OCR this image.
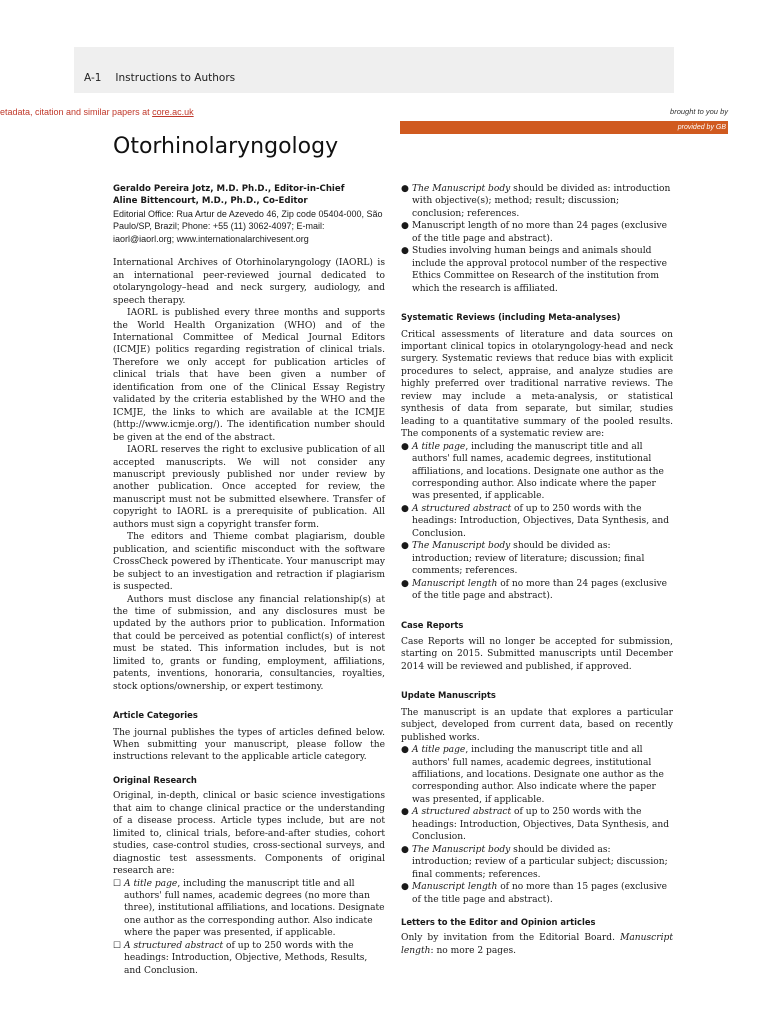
A-1 Instructions to Authors
etadata, citation and similar papers at core.ac.uk	brought to you by
provided by GB
Otorhinolaryngology
Geraldo Pereira Jotz, M.D. Ph.D., Editor-in-Chief
Aline Bittencourt, M.D., Ph.D., Co-Editor

Editorial Office: Rua Artur de Azevedo 46, Zip code 05404-000, São Paulo/SP, Brazil; Phone: +55 (11) 3062-4097; E-mail: iaorl@iaorl.org; www.internationalarchivesent.org

International Archives of Otorhinolaryngology (IAORL) is an international peer-reviewed journal dedicated to otolaryngology–head and neck surgery, audiology, and speech therapy.

IAORL is published every three months and supports the World Health Organization (WHO) and of the International Committee of Medical Journal Editors (ICMJE) politics regarding registration of clinical trials. Therefore we only accept for publication articles of clinical trials that have been given a number of identification from one of the Clinical Essay Registry validated by the criteria established by the WHO and the ICMJE, the links to which are available at the ICMJE (http://www.icmje.org/). The identification number should be given at the end of the abstract.

IAORL reserves the right to exclusive publication of all accepted manuscripts. We will not consider any manuscript previously published nor under review by another publication. Once accepted for review, the manuscript must not be submitted elsewhere. Transfer of copyright to IAORL is a prerequisite of publication. All authors must sign a copyright transfer form.

The editors and Thieme combat plagiarism, double publication, and scientific misconduct with the software CrossCheck powered by iThenticate. Your manuscript may be subject to an investigation and retraction if plagiarism is suspected.

Authors must disclose any financial relationship(s) at the time of submission, and any disclosures must be updated by the authors prior to publication. Information that could be perceived as potential conflict(s) of interest must be stated. This information includes, but is not limited to, grants or funding, employment, affiliations, patents, inventions, honoraria, consultancies, royalties, stock options/ownership, or expert testimony.

Article Categories

The journal publishes the types of articles defined below. When submitting your manuscript, please follow the instructions relevant to the applicable article category.

Original Research

Original, in-depth, clinical or basic science investigations that aim to change clinical practice or the understanding of a disease process. Article types include, but are not limited to, clinical trials, before-and-after studies, cohort studies, case-control studies, cross-sectional surveys, and diagnostic test assessments. Components of original research are:

☐ A title page, including the manuscript title and all authors' full names, academic degrees (no more than three), institutional affiliations, and locations. Designate one author as the corresponding author. Also indicate where the paper was presented, if applicable.
☐ A structured abstract of up to 250 words with the headings: Introduction, Objective, Methods, Results, and Conclusion.
● The Manuscript body should be divided as: introduction with objective(s); method; result; discussion; conclusion; references.
● Manuscript length of no more than 24 pages (exclusive of the title page and abstract).
● Studies involving human beings and animals should include the approval protocol number of the respective Ethics Committee on Research of the institution from which the research is affiliated.
Systematic Reviews (including Meta-analyses)

Critical assessments of literature and data sources on important clinical topics in otolaryngology-head and neck surgery. Systematic reviews that reduce bias with explicit procedures to select, appraise, and analyze studies are highly preferred over traditional narrative reviews. The review may include a meta-analysis, or statistical synthesis of data from separate, but similar, studies leading to a quantitative summary of the pooled results. The components of a systematic review are:

● A title page, including the manuscript title and all authors' full names, academic degrees, institutional affiliations, and locations. Designate one author as the corresponding author. Also indicate where the paper was presented, if applicable.
● A structured abstract of up to 250 words with the headings: Introduction, Objectives, Data Synthesis, and Conclusion.
● The Manuscript body should be divided as: introduction; review of literature; discussion; final comments; references.
● Manuscript length of no more than 24 pages (exclusive of the title page and abstract).
Case Reports

Case Reports will no longer be accepted for submission, starting on 2015. Submitted manuscripts until December 2014 will be reviewed and published, if approved.

Update Manuscripts

The manuscript is an update that explores a particular subject, developed from current data, based on recently published works.

● A title page, including the manuscript title and all authors' full names, academic degrees, institutional affiliations, and locations. Designate one author as the corresponding author. Also indicate where the paper was presented, if applicable.
● A structured abstract of up to 250 words with the headings: Introduction, Objectives, Data Synthesis, and Conclusion.
● The Manuscript body should be divided as: introduction; review of a particular subject; discussion; final comments; references.
● Manuscript length of no more than 15 pages (exclusive of the title page and abstract).
Letters to the Editor and Opinion articles

Only by invitation from the Editorial Board. Manuscript length: no more 2 pages.
